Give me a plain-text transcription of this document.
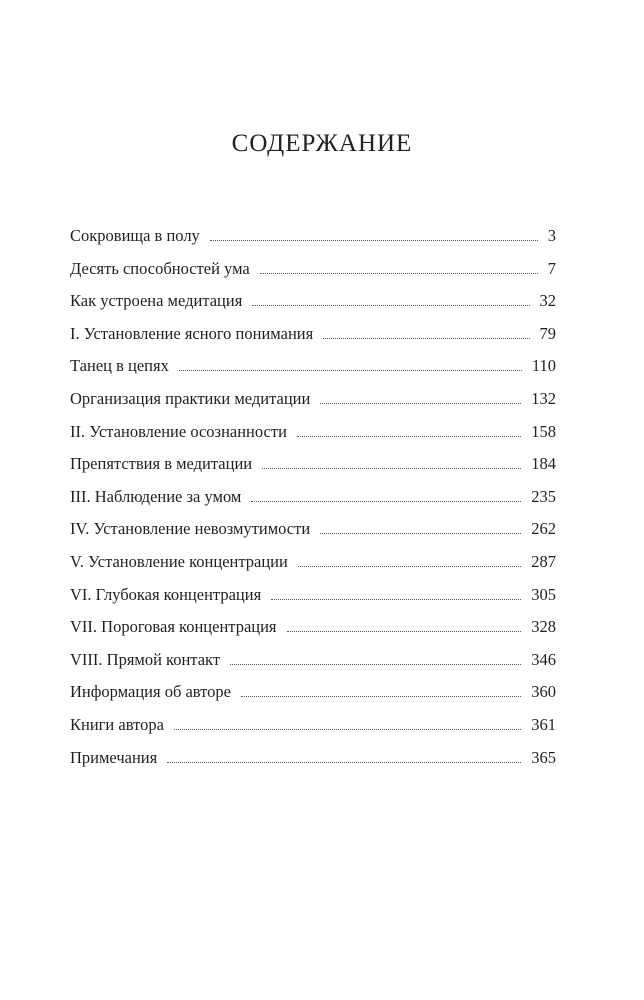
СОДЕРЖАНИЕ
Сокровища в полу	3
Десять способностей ума	7
Как устроена медитация	32
I. Установление ясного понимания	79
Танец в цепях	110
Организация практики медитации	132
II. Установление осознанности	158
Препятствия в медитации	184
III. Наблюдение за умом	235
IV. Установление невозмутимости	262
V. Установление концентрации	287
VI. Глубокая концентрация	305
VII. Пороговая концентрация	328
VIII. Прямой контакт	346
Информация об авторе	360
Книги автора	361
Примечания	365
